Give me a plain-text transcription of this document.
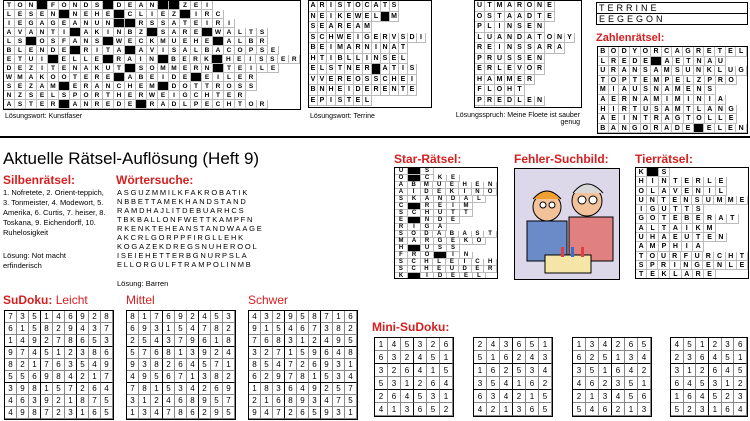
T O N	F O N D S	D E A N	Z	E	I
L	E	S	E N	N E H E	C	L	I	E	Z	I	R C
I	E G A G E A N U N	R S	S A	T	E	I	R	I
A V A N	T	I	A K	I	N B	Z	S A R E	W A	L	T	S
L	S	O S	F	A N S	W E C K M U E H E	A	L	B R
B	L	E N D E	R	I	T	A	A V	I	S A	L	B A C O P	S	E
E	T	U	I	E	L	L	E	R A	I	N	B E R K	H E	I	S	S	E R
D E	Z	I	T	E N A K U	T	S O M M E R N	T	E	I	L	E
W M A K O O T	E R E	A B E	I	D E	E	I	L	E R
S	E	Z	A M	E R A N C H E M	D O T	T	R O S	S
N	Z	S	E	L	S	P O R	T	H E R W E	I	G C H	T	E R
A S	T	E R	A N R E D E	R A D	L	P	E C H	T O R
Lösungswort: Kunstfaser
A R I S T O C A T S
N E I K E W E L	M
S E A R E A M
S C H W E I G E R V S D I
B E I M A R N I N A T
H T I B L L I N S E L
E L S T N E R	A T I S
V V E R E O S S C H E I
B N H E I D E R E N T E
E P I S T E L
Lösungswort: Terrine
U T M A R O N E
O S T A A D T E
P L I N S E N
L U A N D A T O N Y
R E I N S S A R A
P R U S S E N
E R L E V O R
H A M M E R
F L O H T
P R E D L E N
Lösungsspruch: Meine Floete ist sauber genug
TERRINE
EEGEGON
Zahlenrätsel:
B O D Y O R C A G R E T E L
L R E D E	A E T N A U
U R A N S A M S U N K L U G
T O P T E M P E L Z P R O
M I	A U S N A M E N S
A E R N A M I M I	N	I	A
H	I	R T U S A M T L A N G
A E	I	N T R A G T O L L E
B A N G O R A D E	E L E N
Aktuelle Rätsel-Auflösung (Heft 9)
Silbenrätsel:
1. Nofretete, 2. Orient-teppich, 3. Tonmeister, 4. Modewort, 5. Amerika, 6. Curtis, 7. heiser, 8. Toskana, 9. Eichendorff, 10. Ruhelosigkeit
Lösung: Not macht erfinderisch
Wörtersuche:
ASGUZMMILKFAKROBATIK
NBBETTAMEKHANDSTAND
RAMDHAJLITDEBUARHCS
TBKBALLONFWETTKAMPFN
RKENKTEHEANSTANDWAAGE
AKCRLGORPPFIRGLLEHK
KOGAZEKDREGSNUHEROOL
ISEIEHETTERBGNURPSLA
ELLORGULFTRAMPOLINMB
Lösung: Barren
Star-Rätsel:
U	S
O	C	K	E
A	B	M	U	E	H	E	N
A	I	D	E	K	I	N	O
S	K	A	N	D	A	L
C	R	E	I	M
S	C	H	U	T	T
E	N	D	E
R	I	G	A
S	O	D	A	B	A	S	T
M	A	R	G	E	K	O
H	U	S	S
F	R	O	I	N
S	C	H	L	E	I	C	H
S	C	H	E	U	D	E	R
K	I	D	E	E	L
Fehler-Suchbild: Tierrätsel:
K	S
H	I	N T E R L E
O L A V E N	I	L
U N T E N S U M M E
I	G U T	T S
G O T E B E R A T
A L	T A	I	K M
U H A E U T E N
A M P H	I	A
T O U R F U R C H T
S P R	I	N G E N L E
T E K L A R E
SuDoku: Leicht	Mittel	Schwer
7 3 5 1 4 6 9 2 8
6 1 5 8 2 9 4 3 7
1 4 9 2 7 8 6 5 3
9 7 4 5 1 2 3 8 6
8 2 1 7 6 3 5 4 9
5 5 6 9 8 4 2 1 7
3 9 8 1 5 7 2 6 4
4 6 3 9 2 1 8 7 5
4 9 8 7 2 3 1 6 5
8 1 7 6 9 2 4 5 3
6 9 3 1 5 4 7 8 2
2 5 4 3 7 9 6 1 8
5 7 6 8 1 3 9 2 4
9 3 8 2 6 4 5 7 1
4 9 5 6 7 1 3 8 2
7 8 1 5 3 4 2 6 9
3 1 2 4 6 8 9 5 7
1 3 4 7 8 6 2 9 5
4 3 2 9 5 8 7 1 6
9 1 5 4 6 7 3 8 2
7 6 8 3 1 2 4 9 5
3 2 7 1 5 9 6 4 8
8 5 4 7 2 6 9 3 1
6 2 9 7 8 1 5 3 4
1 8 3 6 4 9 2 5 7
2 1 6 8 9 3 4 7 5
9 4 7 2 6 5 9 3 1
Mini-SuDoku:
1	4	5	3	2	6
6	3	2	4	5	1
3	2	6	4	1	5
5	3	1	2	6	4
2	6	4	5	3	1
4	1	3	6	5	2
2	4	3	6	5	1
5	1	6	2	4	3
1	6	2	5	3	4
3	5	4	1	6	2
6	3	4	2	1	5
4	2	1	3	6	5
1	3	4	2	6	5
6	2	5	1	3	4
3	5	1	6	4	2
4	6	2	3	5	1
2	1	3	4	5	6
5	4	6	2	1	3
4	5	1	2	3	6
2	3	6	4	5	1
3	1	2	6	4	5
6	4	5	3	1	2
1	6	4	5	2	3
5	2	3	1	6	4
